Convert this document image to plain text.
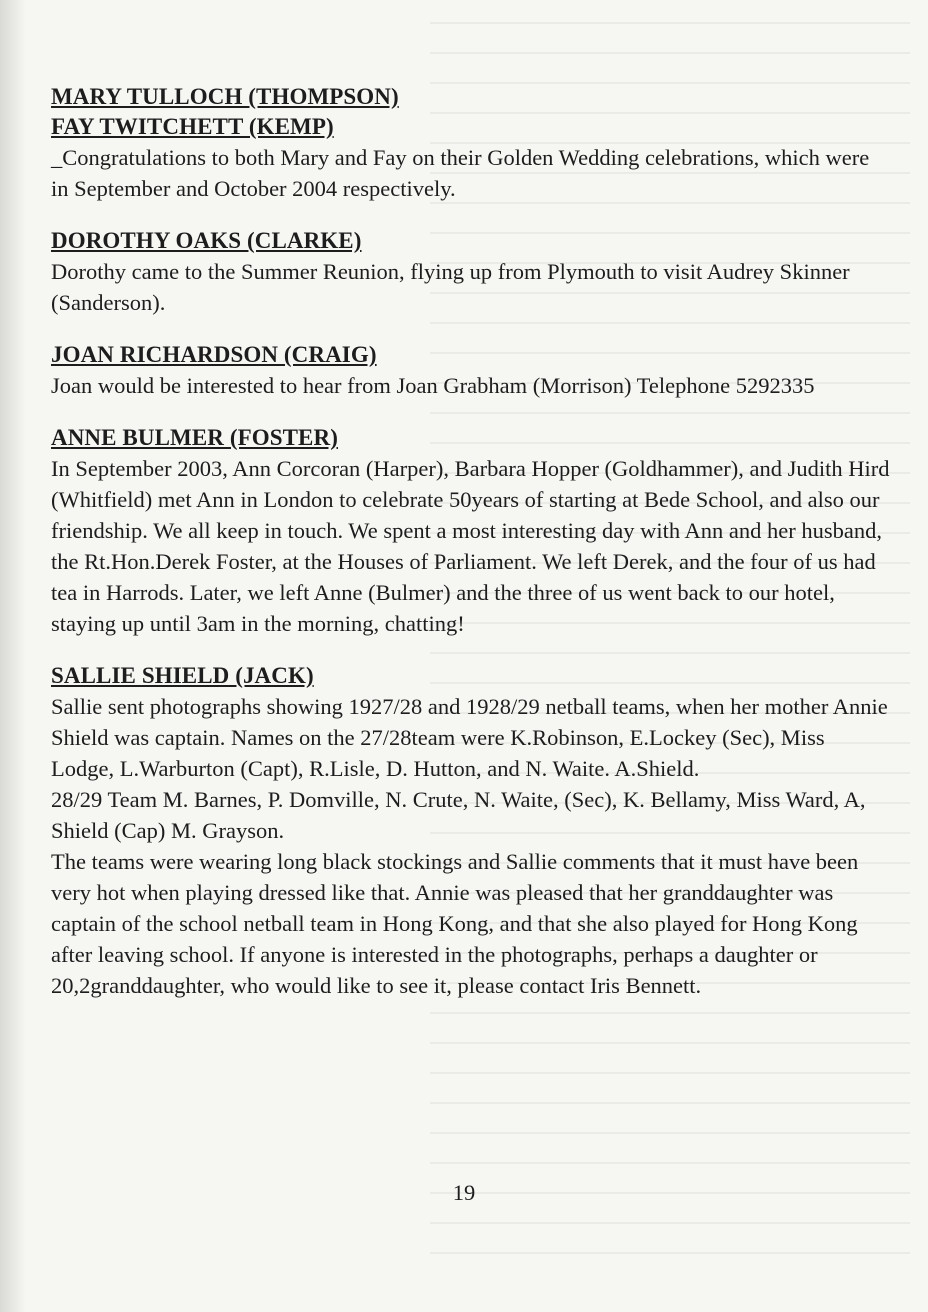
MARY TULLOCH (THOMPSON)

FAY TWITCHETT (KEMP)

_Congratulations to both Mary and Fay on their Golden Wedding celebrations, which were in September and October 2004 respectively.

DOROTHY OAKS (CLARKE)

Dorothy came to the Summer Reunion, flying up from Plymouth to visit Audrey Skinner (Sanderson).

JOAN RICHARDSON (CRAIG)

Joan would be interested to hear from Joan Grabham (Morrison) Telephone 5292335

ANNE BULMER (FOSTER)

In September 2003, Ann Corcoran (Harper), Barbara Hopper (Goldhammer), and Judith Hird (Whitfield) met Ann in London to celebrate 50years of starting at Bede School, and also our friendship. We all keep in touch. We spent a most interesting day with Ann and her husband, the Rt.Hon.Derek Foster, at the Houses of Parliament. We left Derek, and the four of us had tea in Harrods. Later, we left Anne (Bulmer) and the three of us went back to our hotel, staying up until 3am in the morning, chatting!

SALLIE SHIELD (JACK)

Sallie sent photographs showing 1927/28 and 1928/29 netball teams, when her mother Annie Shield was captain. Names on the 27/28team were K.Robinson, E.Lockey (Sec), Miss Lodge, L.Warburton (Capt), R.Lisle, D. Hutton, and N. Waite. A.Shield.

28/29 Team M. Barnes, P. Domville, N. Crute, N. Waite, (Sec), K. Bellamy, Miss Ward, A, Shield (Cap) M. Grayson.

The teams were wearing long black stockings and Sallie comments that it must have been very hot when playing dressed like that. Annie was pleased that her granddaughter was captain of the school netball team in Hong Kong, and that she also played for Hong Kong after leaving school. If anyone is interested in the photographs, perhaps a daughter or 20,2granddaughter, who would like to see it, please contact Iris Bennett.

19
